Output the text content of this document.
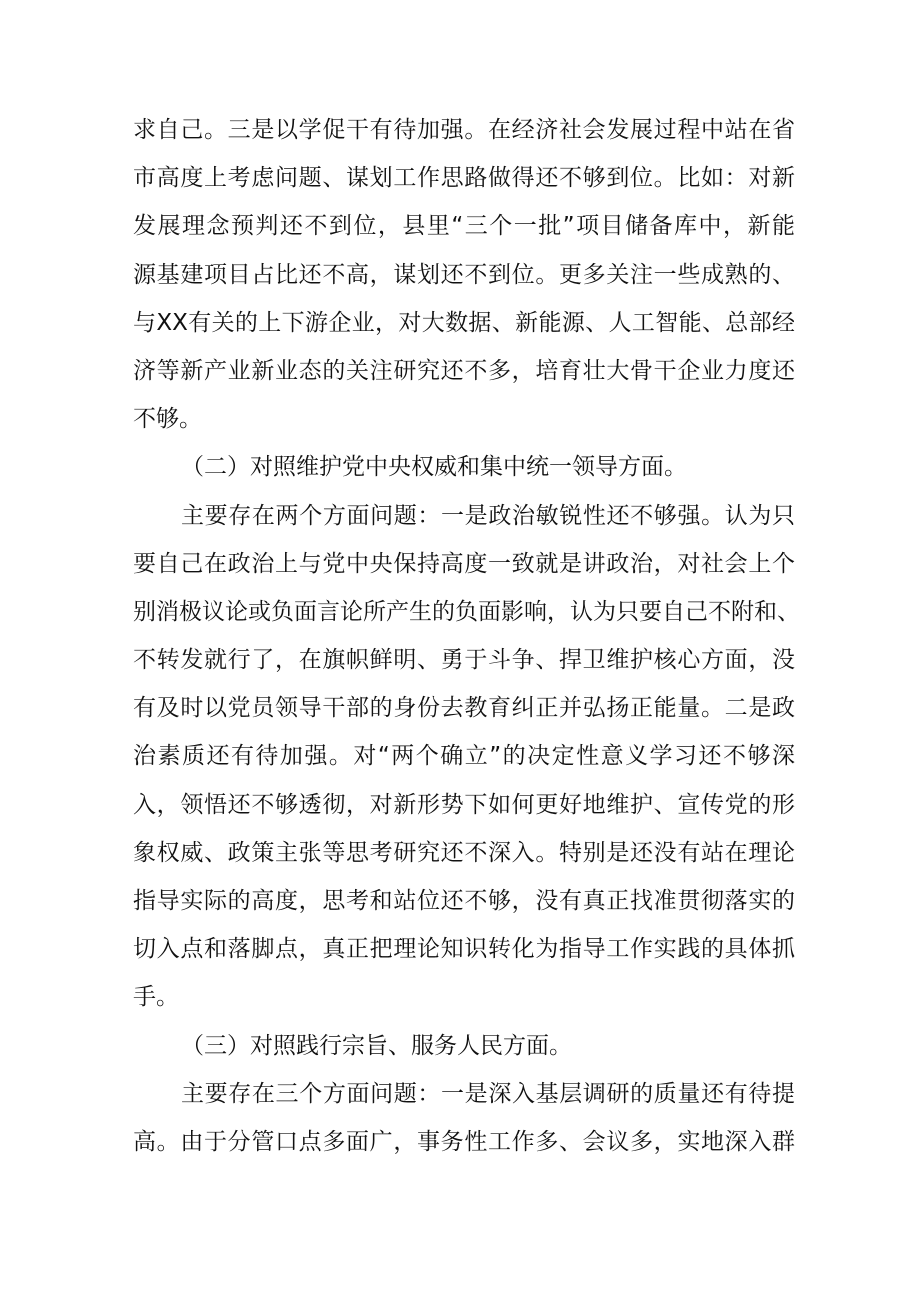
求自己。三是以学促干有待加强。在经济社会发展过程中站在省
市高度上考虑问题、谋划工作思路做得还不够到位。比如：对新
发展理念预判还不到位，县里“三个一批”项目储备库中，新能
源基建项目占比还不高，谋划还不到位。更多关注一些成熟的、
与XX有关的上下游企业，对大数据、新能源、人工智能、总部经
济等新产业新业态的关注研究还不多，培育壮大骨干企业力度还
不够。
（二）对照维护党中央权威和集中统一领导方面。
主要存在两个方面问题：一是政治敏锐性还不够强。认为只
要自己在政治上与党中央保持高度一致就是讲政治，对社会上个
别消极议论或负面言论所产生的负面影响，认为只要自己不附和、
不转发就行了，在旗帜鲜明、勇于斗争、捍卫维护核心方面，没
有及时以党员领导干部的身份去教育纠正并弘扬正能量。二是政
治素质还有待加强。对“两个确立”的决定性意义学习还不够深
入，领悟还不够透彻，对新形势下如何更好地维护、宣传党的形
象权威、政策主张等思考研究还不深入。特别是还没有站在理论
指导实际的高度，思考和站位还不够，没有真正找准贯彻落实的
切入点和落脚点，真正把理论知识转化为指导工作实践的具体抓
手。
（三）对照践行宗旨、服务人民方面。
主要存在三个方面问题：一是深入基层调研的质量还有待提
高。由于分管口点多面广，事务性工作多、会议多，实地深入群
